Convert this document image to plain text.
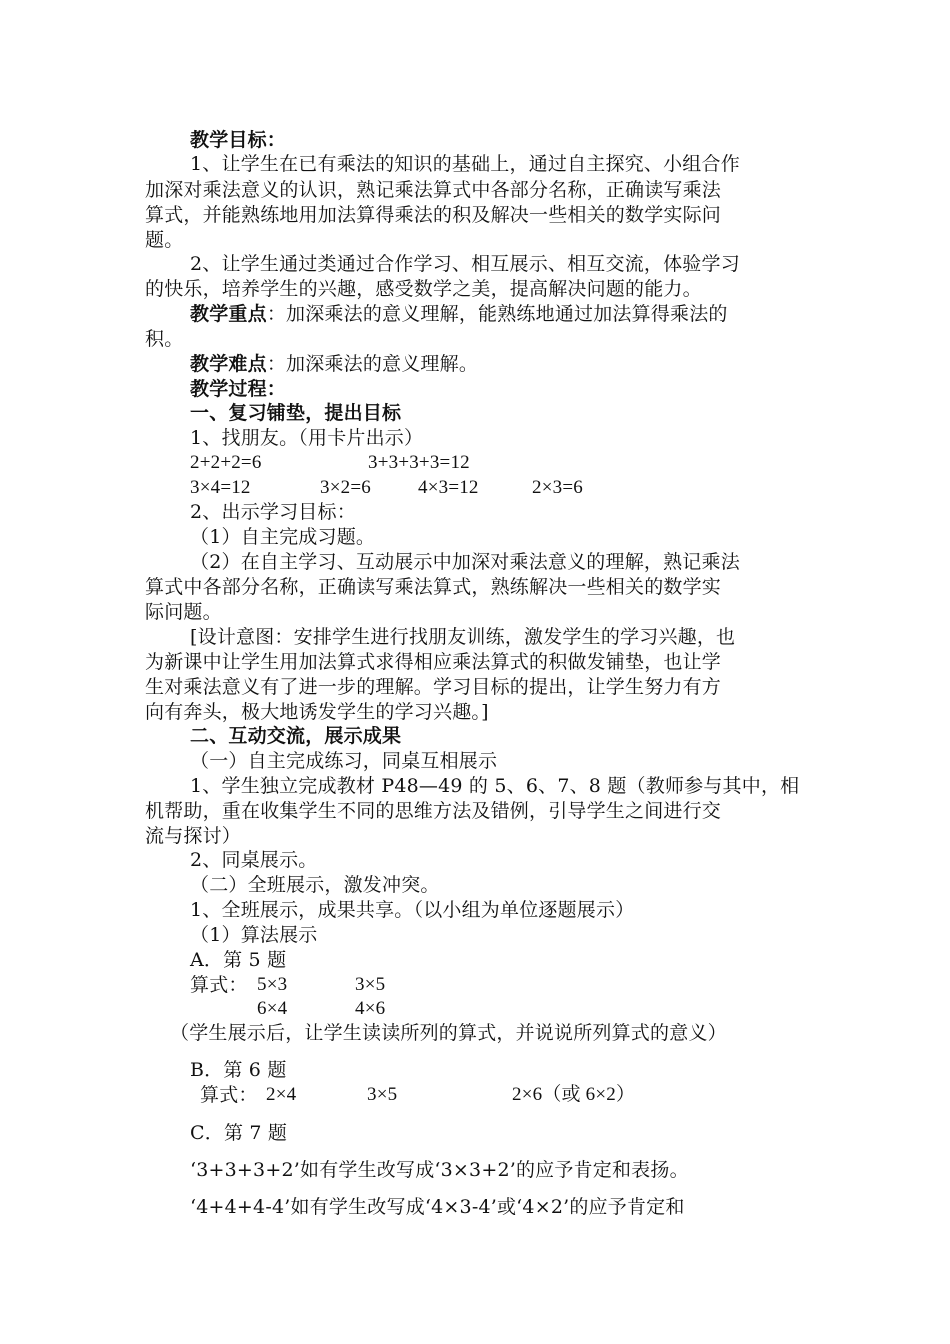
教学目标：
1、让学生在已有乘法的知识的基础上，通过自主探究、小组合作
加深对乘法意义的认识，熟记乘法算式中各部分名称，正确读写乘法
算式，并能熟练地用加法算得乘法的积及解决一些相关的数学实际问
题。
2、让学生通过类通过合作学习、相互展示、相互交流，体验学习
的快乐，培养学生的兴趣，感受数学之美，提高解决问题的能力。
教学重点：加深乘法的意义理解，能熟练地通过加法算得乘法的
积。
教学难点：加深乘法的意义理解。
教学过程：
一、复习铺垫，提出目标
1、找朋友。（用卡片出示）
2+2+2=6	3+3+3+3=12
3×4=12	3×2=6 4×3=12	2×3=6
2、出示学习目标：
（1）自主完成习题。
（2）在自主学习、互动展示中加深对乘法意义的理解，熟记乘法
算式中各部分名称，正确读写乘法算式，熟练解决一些相关的数学实
际问题。
[设计意图：安排学生进行找朋友训练，激发学生的学习兴趣，也
为新课中让学生用加法算式求得相应乘法算式的积做发铺垫，也让学
生对乘法意义有了进一步的理解。学习目标的提出，让学生努力有方
向有奔头，极大地诱发学生的学习兴趣。]
二、互动交流，展示成果
（一）自主完成练习，同桌互相展示
1、学生独立完成教材 P48—49 的 5、6、7、8 题（教师参与其中，相
机帮助，重在收集学生不同的思维方法及错例，引导学生之间进行交
流与探讨）
2、同桌展示。
（二）全班展示，激发冲突。
1、全班展示，成果共享。（以小组为单位逐题展示）
（1）算法展示
A．第 5 题
算式： 5×3	3×5
6×4	4×6
（学生展示后，让学生读读所列的算式，并说说所列算式的意义）
B．第 6 题
算式： 2×4	3×5	2×6（或 6×2）
C．第 7 题
‘3+3+3+2’如有学生改写成‘3×3+2’的应予肯定和表扬。
‘4+4+4-4’如有学生改写成‘4×3-4’或‘4×2’的应予肯定和
